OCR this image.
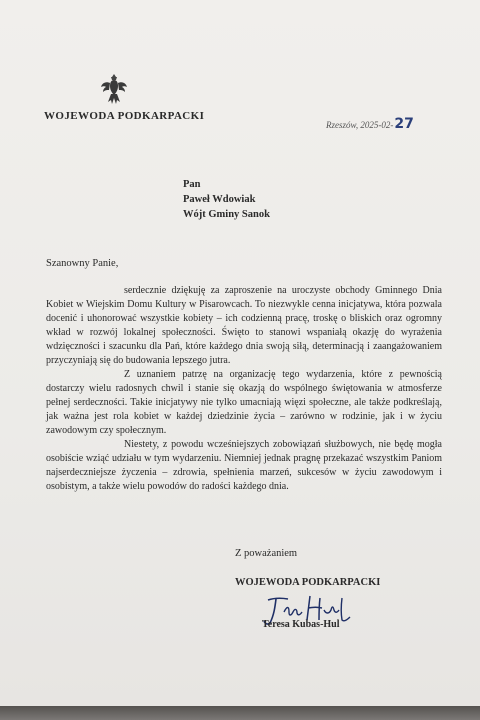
WOJEWODA PODKARPACKI
Rzeszów, 2025-02-27
Pan
Paweł Wdowiak
Wójt Gminy Sanok
Szanowny Panie,

serdecznie dziękuję za zaproszenie na uroczyste obchody Gminnego Dnia Kobiet w Wiejskim Domu Kultury w Pisarowcach. To niezwykle cenna inicjatywa, która pozwala docenić i uhonorować wszystkie kobiety – ich codzienną pracę, troskę o bliskich oraz ogromny wkład w rozwój lokalnej społeczności. Święto to stanowi wspaniałą okazję do wyrażenia wdzięczności i szacunku dla Pań, które każdego dnia swoją siłą, determinacją i zaangażowaniem przyczyniają się do budowania lepszego jutra.

Z uznaniem patrzę na organizację tego wydarzenia, które z pewnością dostarczy wielu radosnych chwil i stanie się okazją do wspólnego świętowania w atmosferze pełnej serdeczności. Takie inicjatywy nie tylko umacniają więzi społeczne, ale także podkreślają, jak ważna jest rola kobiet w każdej dziedzinie życia – zarówno w rodzinie, jak i w życiu zawodowym czy społecznym.

Niestety, z powodu wcześniejszych zobowiązań służbowych, nie będę mogła osobiście wziąć udziału w tym wydarzeniu. Niemniej jednak pragnę przekazać wszystkim Paniom najserdeczniejsze życzenia – zdrowia, spełnienia marzeń, sukcesów w życiu zawodowym i osobistym, a także wielu powodów do radości każdego dnia.

Z poważaniem
WOJEWODA PODKARPACKI
Teresa Kubas-Hul
